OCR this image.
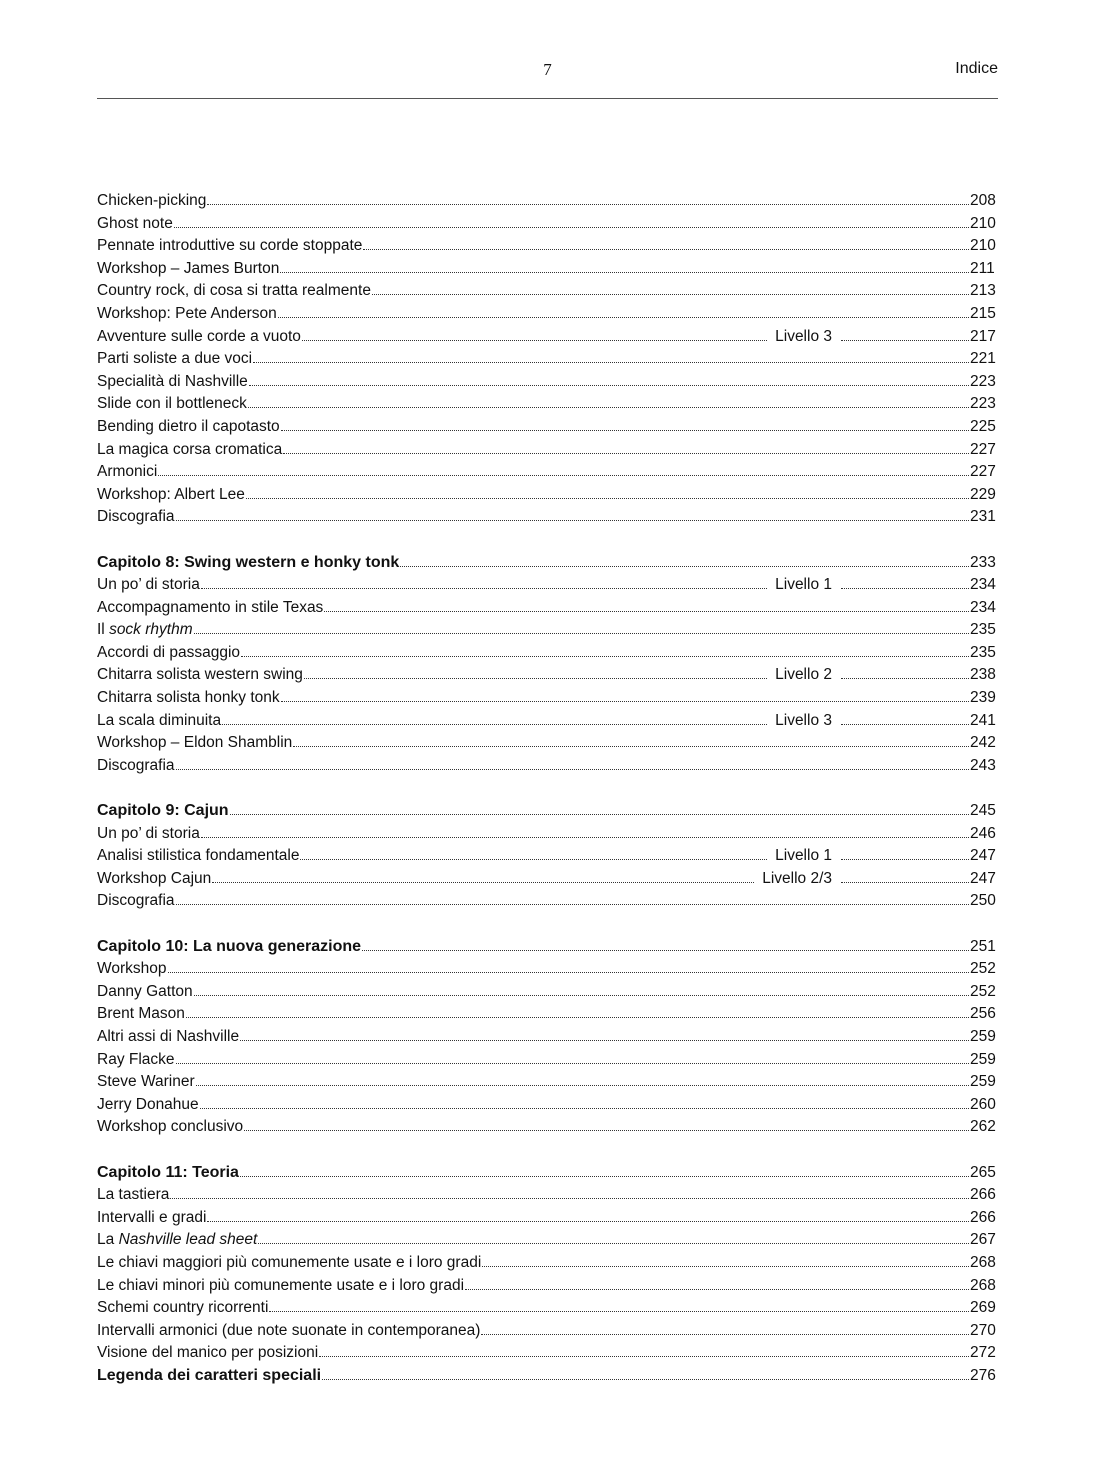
7	Indice
Chicken-picking	208
Ghost note	210
Pennate introduttive su corde stoppate	210
Workshop – James Burton	211
Country rock, di cosa si tratta realmente	213
Workshop: Pete Anderson	215
Avventure sulle corde a vuoto	Livello 3	217
Parti soliste a due voci	221
Specialità di Nashville	223
Slide con il bottleneck	223
Bending dietro il capotasto	225
La magica corsa cromatica	227
Armonici	227
Workshop: Albert Lee	229
Discografia	231
Capitolo 8: Swing western e honky tonk	233
Un po’ di storia	Livello 1	234
Accompagnamento in stile Texas	234
Il sock rhythm	235
Accordi di passaggio	235
Chitarra solista western swing	Livello 2	238
Chitarra solista honky tonk	239
La scala diminuita	Livello 3	241
Workshop – Eldon Shamblin	242
Discografia	243
Capitolo 9: Cajun	245
Un po’ di storia	246
Analisi stilistica fondamentale	Livello 1	247
Workshop Cajun	Livello 2/3	247
Discografia	250
Capitolo 10: La nuova generazione	251
Workshop	252
Danny Gatton	252
Brent Mason	256
Altri assi di Nashville	259
Ray Flacke	259
Steve Wariner	259
Jerry Donahue	260
Workshop conclusivo	262
Capitolo 11: Teoria	265
La tastiera	266
Intervalli e gradi	266
La Nashville lead sheet	267
Le chiavi maggiori più comunemente usate e i loro gradi	268
Le chiavi minori più comunemente usate e i loro gradi	268
Schemi country ricorrenti	269
Intervalli armonici (due note suonate in contemporanea)	270
Visione del manico per posizioni	272
Legenda dei caratteri speciali	276
